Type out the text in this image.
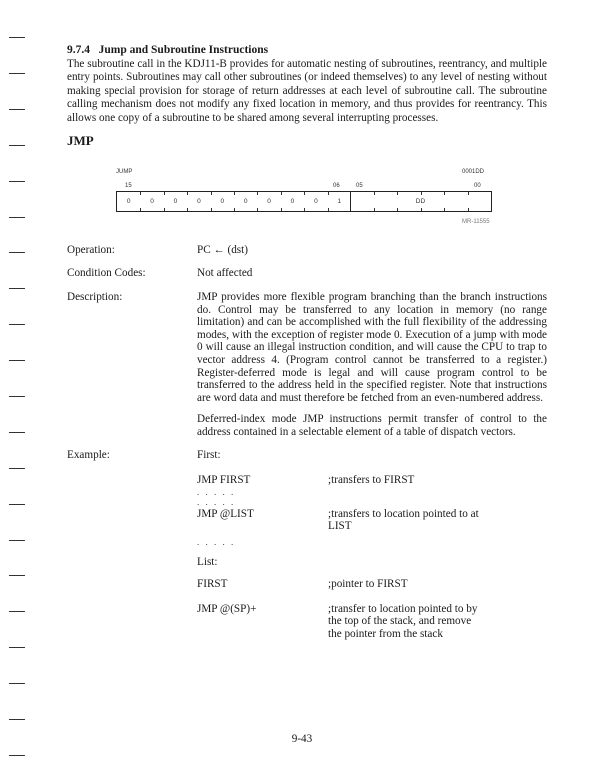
9.7.4 Jump and Subroutine Instructions

The subroutine call in the KDJ11-B provides for automatic nesting of subroutines, reentrancy, and multiple entry points. Subroutines may call other subroutines (or indeed themselves) to any level of nesting without making special provision for storage of return addresses at each level of subroutine call. The subroutine calling mechanism does not modify any fixed location in memory, and thus provides for reentrancy. This allows one copy of a subroutine to be shared among several interrupting processes.

JMP
JUMP	0001DD
15	06	05	00
0	0	0	0	0	0	0	0	0	1	DD
MR-11555
Operation:	PC ← (dst)
Condition Codes:	Not affected
Description:	JMP provides more flexible program branching than the branch instructions do. Control may be transferred to any location in memory (no range limitation) and can be accomplished with the full flexibility of the addressing modes, with the exception of register mode 0. Execution of a jump with mode 0 will cause an illegal instruction condition, and will cause the CPU to trap to vector address 4. (Program control cannot be transferred to a register.) Register-deferred mode is legal and will cause program control to be transferred to the address held in the specified register. Note that instructions are word data and must therefore be fetched from an even-numbered address.

Deferred-index mode JMP instructions permit transfer of control to the address contained in a selectable element of a table of dispatch vectors.

Example:	First:
JMP FIRST	;transfers to FIRST
. . . . .
. . . . .
JMP @LIST	;transfers to location pointed to at LIST
. . . . .
List:
FIRST	;pointer to FIRST
JMP @(SP)+	;transfer to location pointed to by the top of the stack, and remove the pointer from the stack
9-43
